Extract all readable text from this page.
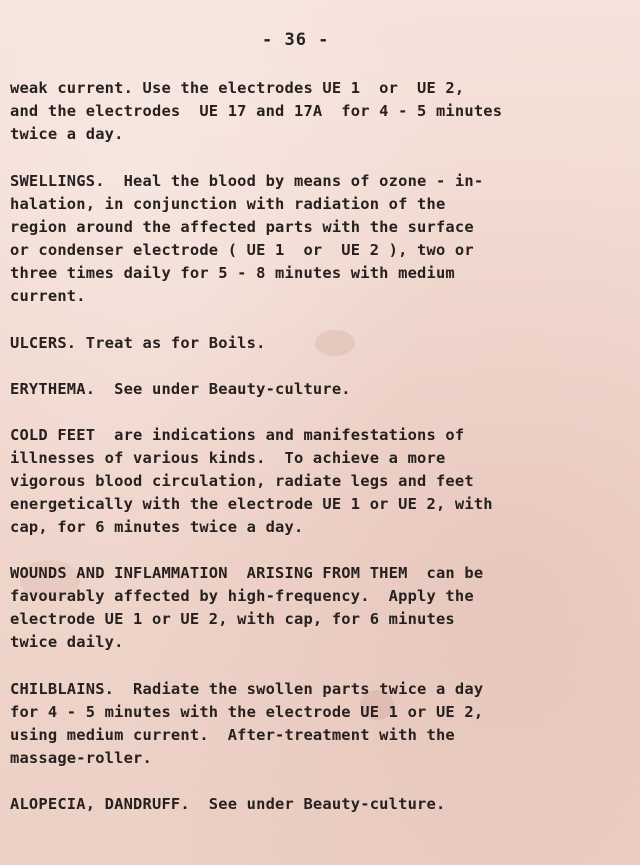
- 36 -
weak current. Use the electrodes UE 1  or  UE 2,
and the electrodes  UE 17 and 17A  for 4 - 5 minutes
twice a day.
SWELLINGS.  Heal the blood by means of ozone - in-
halation, in conjunction with radiation of the
region around the affected parts with the surface
or condenser electrode ( UE 1  or  UE 2 ), two or
three times daily for 5 - 8 minutes with medium
current.
ULCERS. Treat as for Boils.
ERYTHEMA.  See under Beauty-culture.
COLD FEET  are indications and manifestations of
illnesses of various kinds.  To achieve a more
vigorous blood circulation, radiate legs and feet
energetically with the electrode UE 1 or UE 2, with
cap, for 6 minutes twice a day.
WOUNDS AND INFLAMMATION  ARISING FROM THEM  can be
favourably affected by high-frequency.  Apply the
electrode UE 1 or UE 2, with cap, for 6 minutes
twice daily.
CHILBLAINS.  Radiate the swollen parts twice a day
for 4 - 5 minutes with the electrode UE 1 or UE 2,
using medium current.  After-treatment with the
massage-roller.
ALOPECIA, DANDRUFF.  See under Beauty-culture.
